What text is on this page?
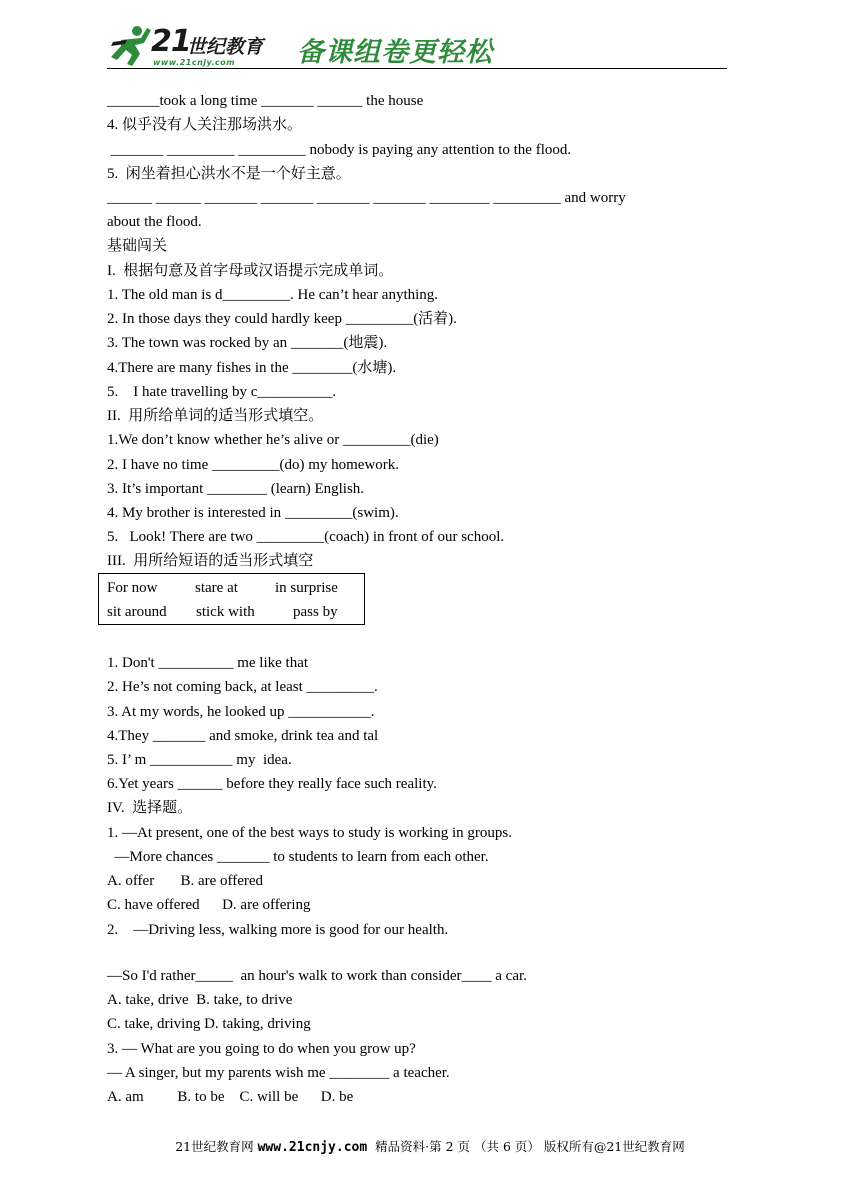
21
世纪教育
www.21cnjy.com 备课组卷更轻松
_______took a long time _______ ______ the house
4. 似乎没有人关注那场洪水。
_______ _________ _________ nobody is paying any attention to the flood.
5.  闲坐着担心洪水不是一个好主意。
______ ______ _______ _______ _______ _______ ________ _________ and worry
about the flood.
基础闯关
I.  根据句意及首字母或汉语提示完成单词。
1. The old man is d_________. He can’t hear anything.
2. In those days they could hardly keep _________(活着).
3. The town was rocked by an _______(地震).
4.There are many fishes in the ________(水塘).
5.    I hate travelling by c__________.
II.  用所给单词的适当形式填空。
1.We don’t know whether he’s alive or _________(die)
2. I have no time _________(do) my homework.
3. It’s important ________ (learn) English.
4. My brother is interested in _________(swim).
5.   Look! There are two _________(coach) in front of our school.
III.  用所给短语的适当形式填空
For now	stare at in surprise
sit around stick with	pass by
1. Don't __________ me like that
2. He’s not coming back, at least _________.
3. At my words, he looked up ___________.
4.They _______ and smoke, drink tea and tal
5. I’ m ___________ my  idea.
6.Yet years ______ before they really face such reality.
IV.  选择题。
1. —At present, one of the best ways to study is working in groups.
—More chances _______ to students to learn from each other.
A. offer       B. are offered
C. have offered      D. are offering
2.    —Driving less, walking more is good for our health.
—So I'd rather_____  an hour's walk to work than consider____ a car.
A. take, drive  B. take, to drive
C. take, driving D. taking, driving
3. — What are you going to do when you grow up?
— A singer, but my parents wish me ________ a teacher.
A. am         B. to be    C. will be      D. be
21世纪教育网 www.21cnjy.com  精品资料·第 2 页 （共 6 页） 版权所有@21世纪教育网
